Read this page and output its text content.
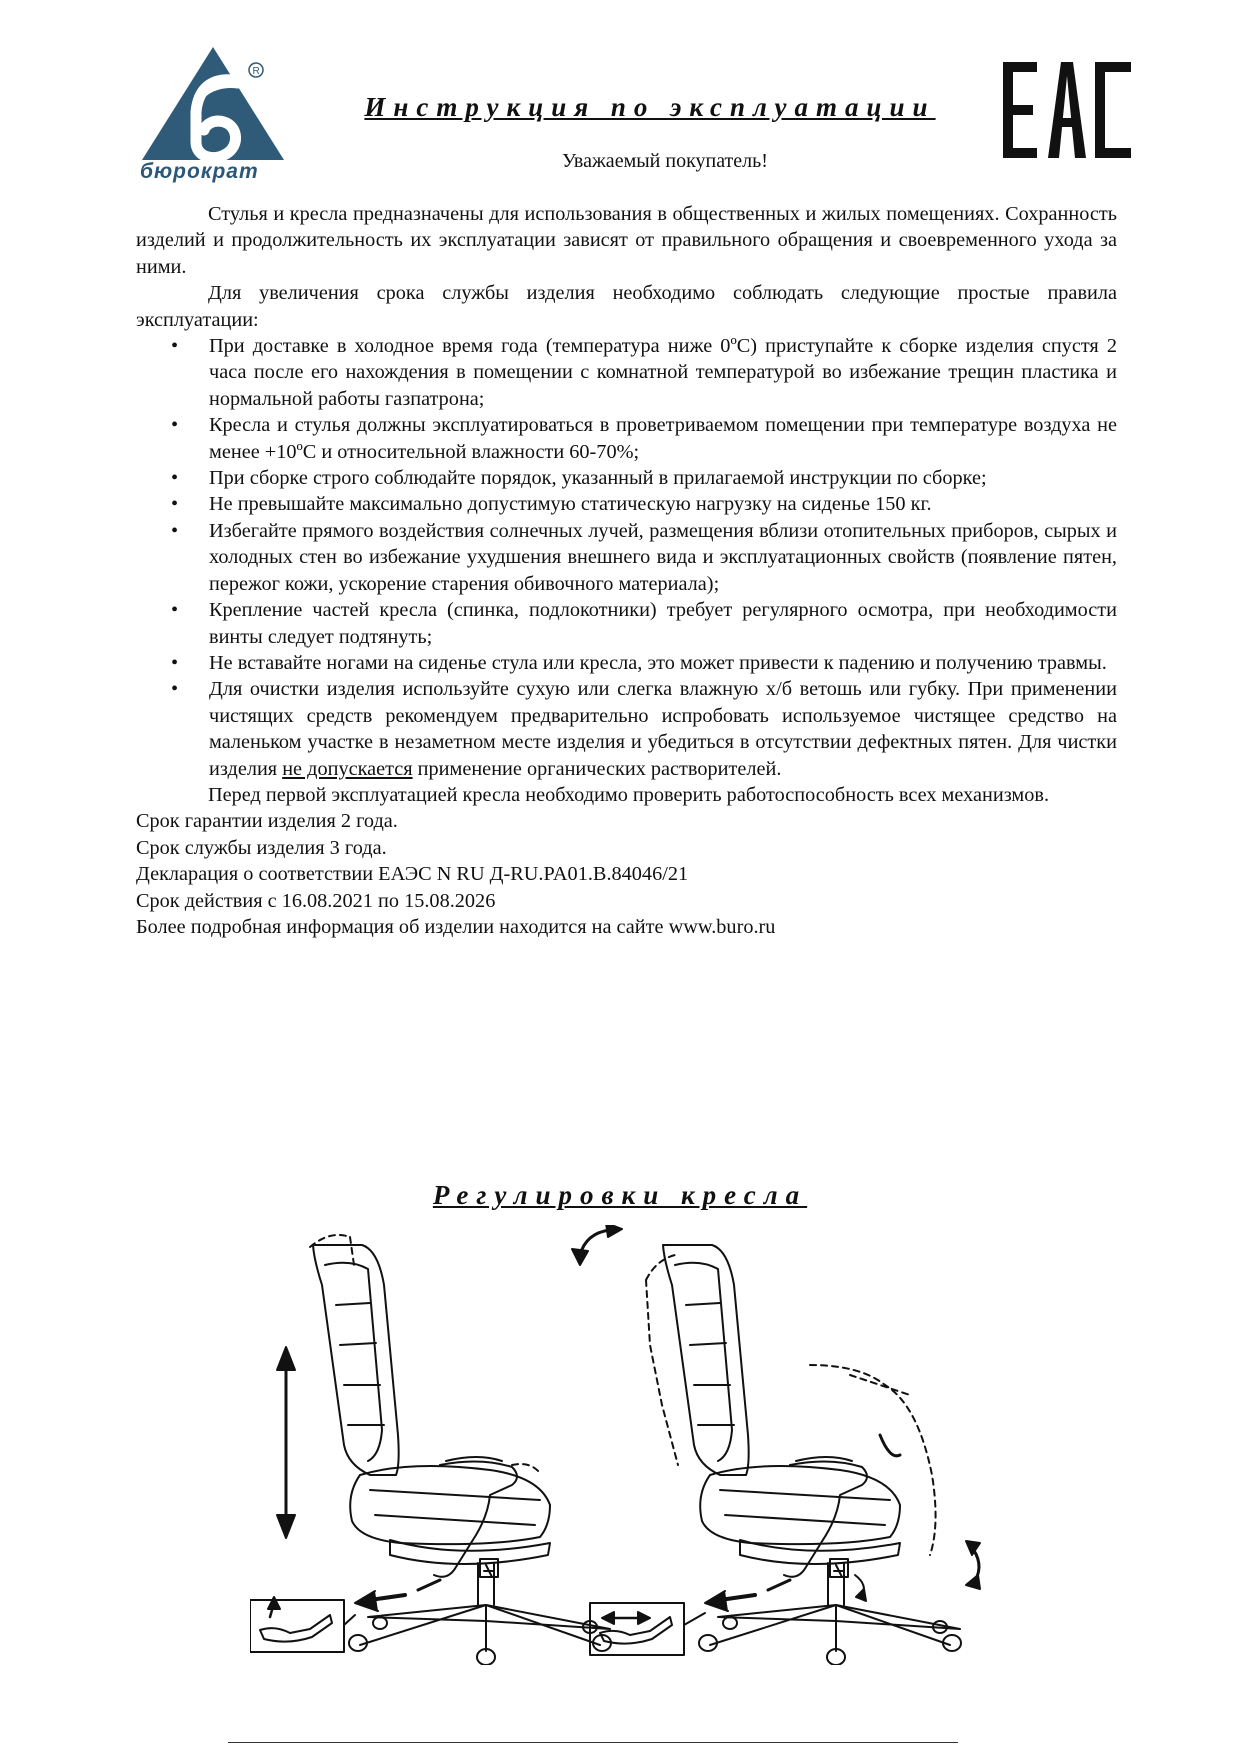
R
бюрократ
Инструкция по эксплуатации
Уважаемый покупатель!

Стулья и кресла предназначены для использования в общественных и жилых помещениях. Сохранность изделий и продолжительность их эксплуатации зависят от правильного обращения и своевременного ухода за ними.

Для увеличения срока службы изделия необходимо соблюдать следующие простые правила эксплуатации:

• При доставке в холодное время года (температура ниже 0ºС) приступайте к сборке изделия спустя 2 часа после его нахождения в помещении с комнатной температурой во избежание трещин пластика и нормальной работы газпатрона;
• Кресла и стулья должны эксплуатироваться в проветриваемом помещении при температуре воздуха не менее +10ºС и относительной влажности 60-70%;
• При сборке строго соблюдайте порядок, указанный в прилагаемой инструкции по сборке;
• Не превышайте максимально допустимую статическую нагрузку на сиденье 150 кг.
• Избегайте прямого воздействия солнечных лучей, размещения вблизи отопительных приборов, сырых и холодных стен во избежание ухудшения внешнего вида и эксплуатационных свойств (появление пятен, пережог кожи, ускорение старения обивочного материала);
• Крепление частей кресла (спинка, подлокотники) требует регулярного осмотра, при необходимости винты следует подтянуть;
• Не вставайте ногами на сиденье стула или кресла, это может привести к падению и получению травмы.
• Для очистки изделия используйте сухую или слегка влажную х/б ветошь или губку. При применении чистящих средств рекомендуем предварительно испробовать используемое чистящее средство на маленьком участке в незаметном месте изделия и убедиться в отсутствии дефектных пятен. Для чистки изделия не допускается применение органических растворителей.

Перед первой эксплуатацией кресла необходимо проверить работоспособность всех механизмов.

Срок гарантии изделия 2 года.

Срок службы изделия 3 года.

Декларация о соответствии ЕАЭС N RU Д-RU.PA01.B.84046/21

Срок действия с 16.08.2021 по 15.08.2026

Более подробная информация об изделии находится на сайте www.buro.ru

Регулировки кресла
